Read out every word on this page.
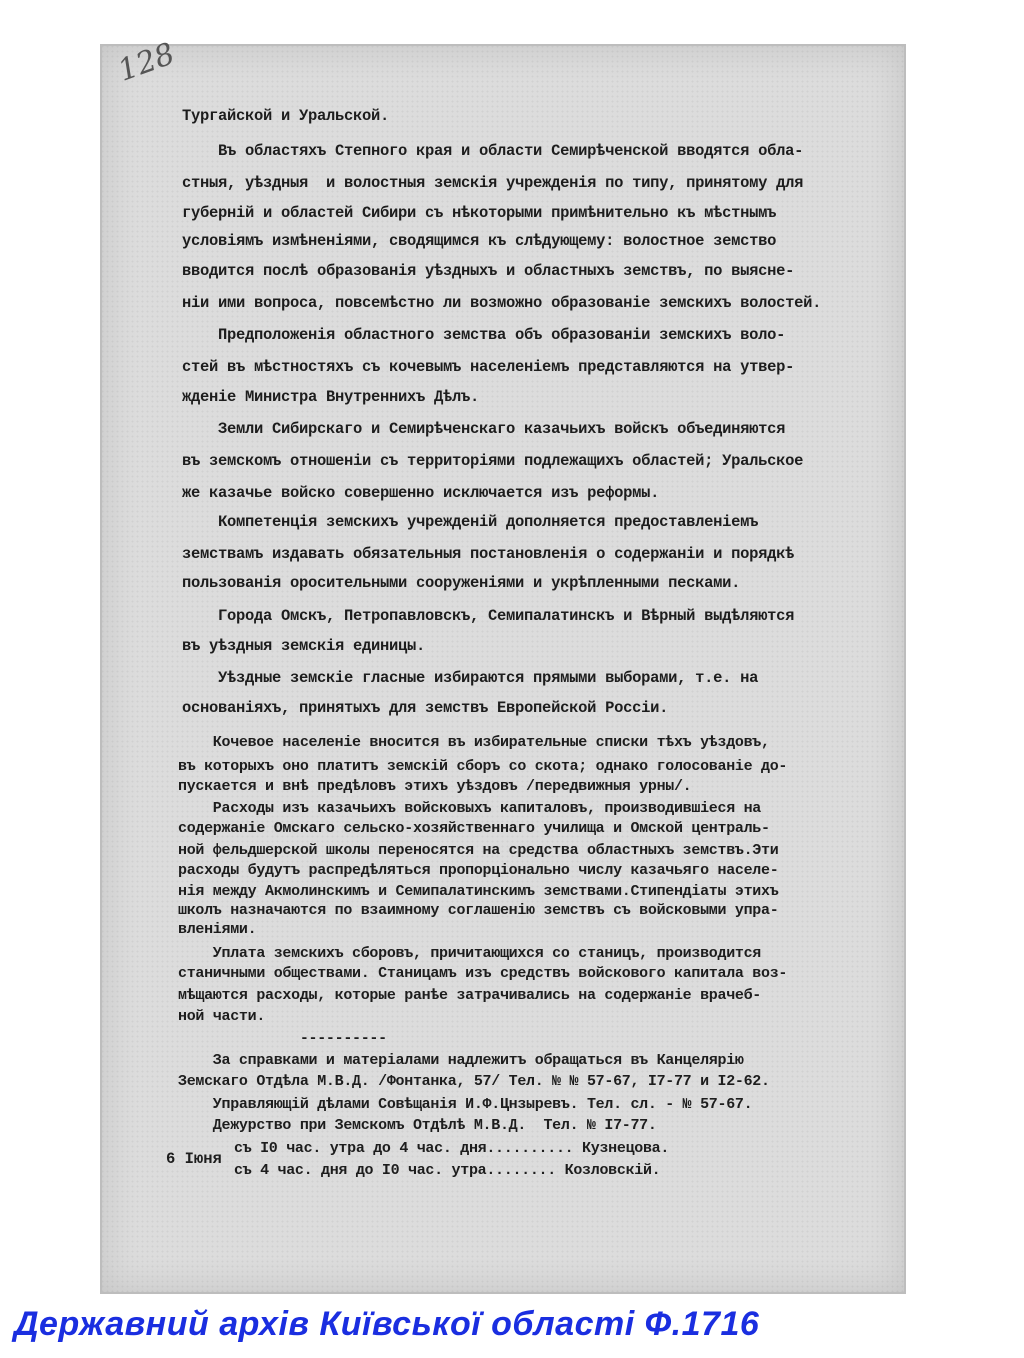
128
Тургайской и Уральской.
Въ областяхъ Степного края и области Семирѣченской вводятся обла-
стныя, уѣздныя  и волостныя земскія учрежденія по типу, принятому для
губерній и областей Сибири съ нѣкоторыми примѣнительно къ мѣстнымъ
условіямъ измѣненіями, сводящимся къ слѣдующему: волостное земство
вводится послѣ образованія уѣздныхъ и областныхъ земствъ, по выясне-
ніи ими вопроса, повсемѣстно ли возможно образованіе земскихъ волостей.
Предположенія областного земства объ образованіи земскихъ воло-
стей въ мѣстностяхъ съ кочевымъ населеніемъ представляются на утвер-
жденіе Министра Внутреннихъ Дѣлъ.
Земли Сибирскаго и Семирѣченскаго казачьихъ войскъ объединяются
въ земскомъ отношеніи съ территоріями подлежащихъ областей; Уральское
же казачье войско совершенно исключается изъ реформы.
Компетенція земскихъ учрежденій дополняется предоставленіемъ
земствамъ издавать обязательныя постановленія о содержаніи и порядкѣ
пользованія оросительными сооруженіями и укрѣпленными песками.
Города Омскъ, Петропавловскъ, Семипалатинскъ и Вѣрный выдѣляются
въ уѣздныя земскія единицы.
Уѣздные земскіе гласные избираются прямыми выборами, т.е. на
основаніяхъ, принятыхъ для земствъ Европейской Россіи.
Кочевое населеніе вносится въ избирательные списки тѣхъ уѣздовъ,
въ которыхъ оно платитъ земскій сборъ со скота; однако голосованіе до-
пускается и внѣ предѣловъ этихъ уѣздовъ /передвижныя урны/.
Расходы изъ казачьихъ войсковыхъ капиталовъ, производившіеся на
содержаніе Омскаго сельско-хозяйственнаго училища и Омской централь-
ной фельдшерской школы переносятся на средства областныхъ земствъ.Эти
расходы будутъ распредѣляться пропорціонально числу казачьяго населе-
нія между Акмолинскимъ и Семипалатинскимъ земствами.Стипендіаты этихъ
школъ назначаются по взаимному соглашенію земствъ съ войсковыми упра-
вленіями.
Уплата земскихъ сборовъ, причитающихся со станицъ, производится
станичными обществами. Станицамъ изъ средствъ войскового капитала воз-
мѣщаются расходы, которые ранѣе затрачивались на содержаніе врачеб-
ной части.
----------
За справками и матеріалами надлежитъ обращаться въ Канцелярію
Земскаго Отдѣла М.В.Д. /Фонтанка, 57/ Тел. № № 57-67, I7-77 и I2-62.
Управляющій дѣлами Совѣщанія И.Ф.Цнзыревъ. Тел. сл. - № 57-67.
Дежурство при Земскомъ Отдѣлѣ М.В.Д.  Тел. № I7-77.
съ I0 час. утра до 4 час. дня.......... Кузнецова.
съ 4 час. дня до I0 час. утра........ Козловскій.
6 Іюня
Державний архів Київської області Ф.1716
